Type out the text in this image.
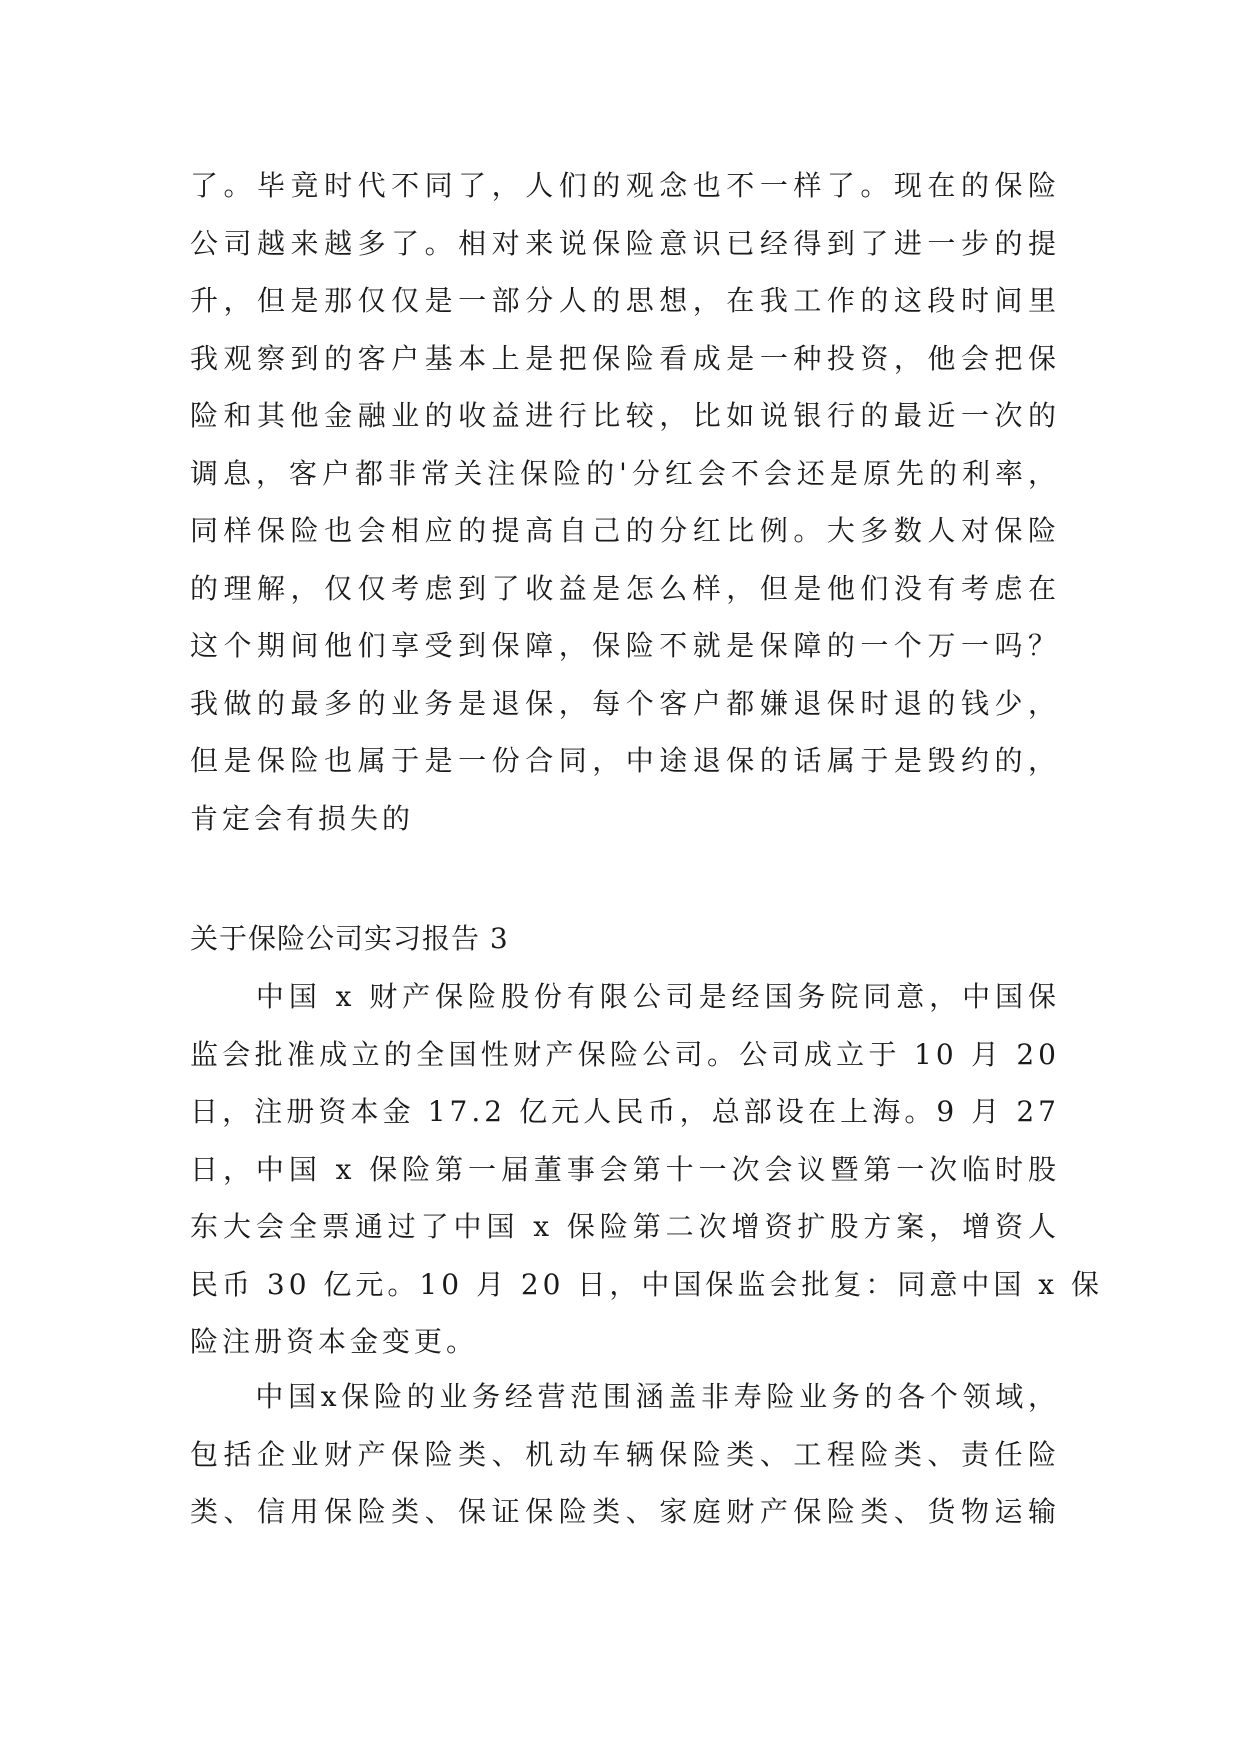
了。毕竟时代不同了，人们的观念也不一样了。现在的保险
公司越来越多了。相对来说保险意识已经得到了进一步的提
升，但是那仅仅是一部分人的思想，在我工作的这段时间里
我观察到的客户基本上是把保险看成是一种投资，他会把保
险和其他金融业的收益进行比较，比如说银行的最近一次的
调息，客户都非常关注保险的'分红会不会还是原先的利率，
同样保险也会相应的提高自己的分红比例。大多数人对保险
的理解，仅仅考虑到了收益是怎么样，但是他们没有考虑在
这个期间他们享受到保障，保险不就是保障的一个万一吗？
我做的最多的业务是退保，每个客户都嫌退保时退的钱少，
但是保险也属于是一份合同，中途退保的话属于是毁约的，
肯定会有损失的
关于保险公司实习报告 3
　　中国 x 财产保险股份有限公司是经国务院同意，中国保
监会批准成立的全国性财产保险公司。公司成立于 10 月 20
日，注册资本金 17.2 亿元人民币，总部设在上海。9 月 27
日，中国 x 保险第一届董事会第十一次会议暨第一次临时股
东大会全票通过了中国 x 保险第二次增资扩股方案，增资人
民币 30 亿元。10 月 20 日，中国保监会批复：同意中国 x 保
险注册资本金变更。
　　中国x保险的业务经营范围涵盖非寿险业务的各个领域，
包括企业财产保险类、机动车辆保险类、工程险类、责任险
类、信用保险类、保证保险类、家庭财产保险类、货物运输
